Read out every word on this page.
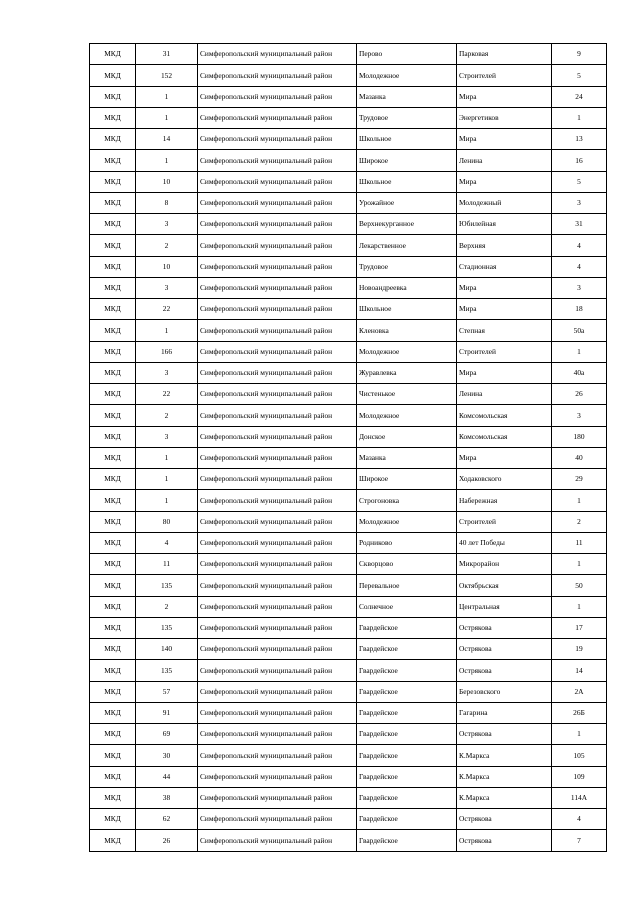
МКД	31	Симферопольский муниципальный район	Перово	Парковая	9
МКД	152	Симферопольский муниципальный район	Молодежное	Строителей	5
МКД	1	Симферопольский муниципальный район	Мазанка	Мира	24
МКД	1	Симферопольский муниципальный район	Трудовое	Энергетиков	1
МКД	14	Симферопольский муниципальный район	Школьное	Мира	13
МКД	1	Симферопольский муниципальный район	Широкое	Ленина	16
МКД	10	Симферопольский муниципальный район	Школьное	Мира	5
МКД	8	Симферопольский муниципальный район	Урожайное	Молодежный	3
МКД	3	Симферопольский муниципальный район	Верхнекурганное	Юбилейная	31
МКД	2	Симферопольский муниципальный район	Лекарственное	Верхняя	4
МКД	10	Симферопольский муниципальный район	Трудовое	Стадионная	4
МКД	3	Симферопольский муниципальный район	Новоандреевка	Мира	3
МКД	22	Симферопольский муниципальный район	Школьное	Мира	18
МКД	1	Симферопольский муниципальный район	Кленовка	Степная	50а
МКД	166	Симферопольский муниципальный район	Молодежное	Строителей	1
МКД	3	Симферопольский муниципальный район	Журавлевка	Мира	40а
МКД	22	Симферопольский муниципальный район	Чистенькое	Ленина	26
МКД	2	Симферопольский муниципальный район	Молодежное	Комсомольская	3
МКД	3	Симферопольский муниципальный район	Донское	Комсомольская	180
МКД	1	Симферопольский муниципальный район	Мазанка	Мира	40
МКД	1	Симферопольский муниципальный район	Широкое	Ходаковского	29
МКД	1	Симферопольский муниципальный район	Строгоновка	Набережная	1
МКД	80	Симферопольский муниципальный район	Молодежное	Строителей	2
МКД	4	Симферопольский муниципальный район	Родниково	40 лет Победы	11
МКД	11	Симферопольский муниципальный район	Скворцово	Микрорайон	1
МКД	135	Симферопольский муниципальный район	Перевальное	Октябрьская	50
МКД	2	Симферопольский муниципальный район	Солнечное	Центральная	1
МКД	135	Симферопольский муниципальный район	Гвардейское	Острякова	17
МКД	140	Симферопольский муниципальный район	Гвардейское	Острякова	19
МКД	135	Симферопольский муниципальный район	Гвардейское	Острякова	14
МКД	57	Симферопольский муниципальный район	Гвардейское	Березовского	2А
МКД	91	Симферопольский муниципальный район	Гвардейское	Гагарина	26Б
МКД	69	Симферопольский муниципальный район	Гвардейское	Острякова	1
МКД	30	Симферопольский муниципальный район	Гвардейское	К.Маркса	105
МКД	44	Симферопольский муниципальный район	Гвардейское	К.Маркса	109
МКД	38	Симферопольский муниципальный район	Гвардейское	К.Маркса	114А
МКД	62	Симферопольский муниципальный район	Гвардейское	Острякова	4
МКД	26	Симферопольский муниципальный район	Гвардейское	Острякова	7
